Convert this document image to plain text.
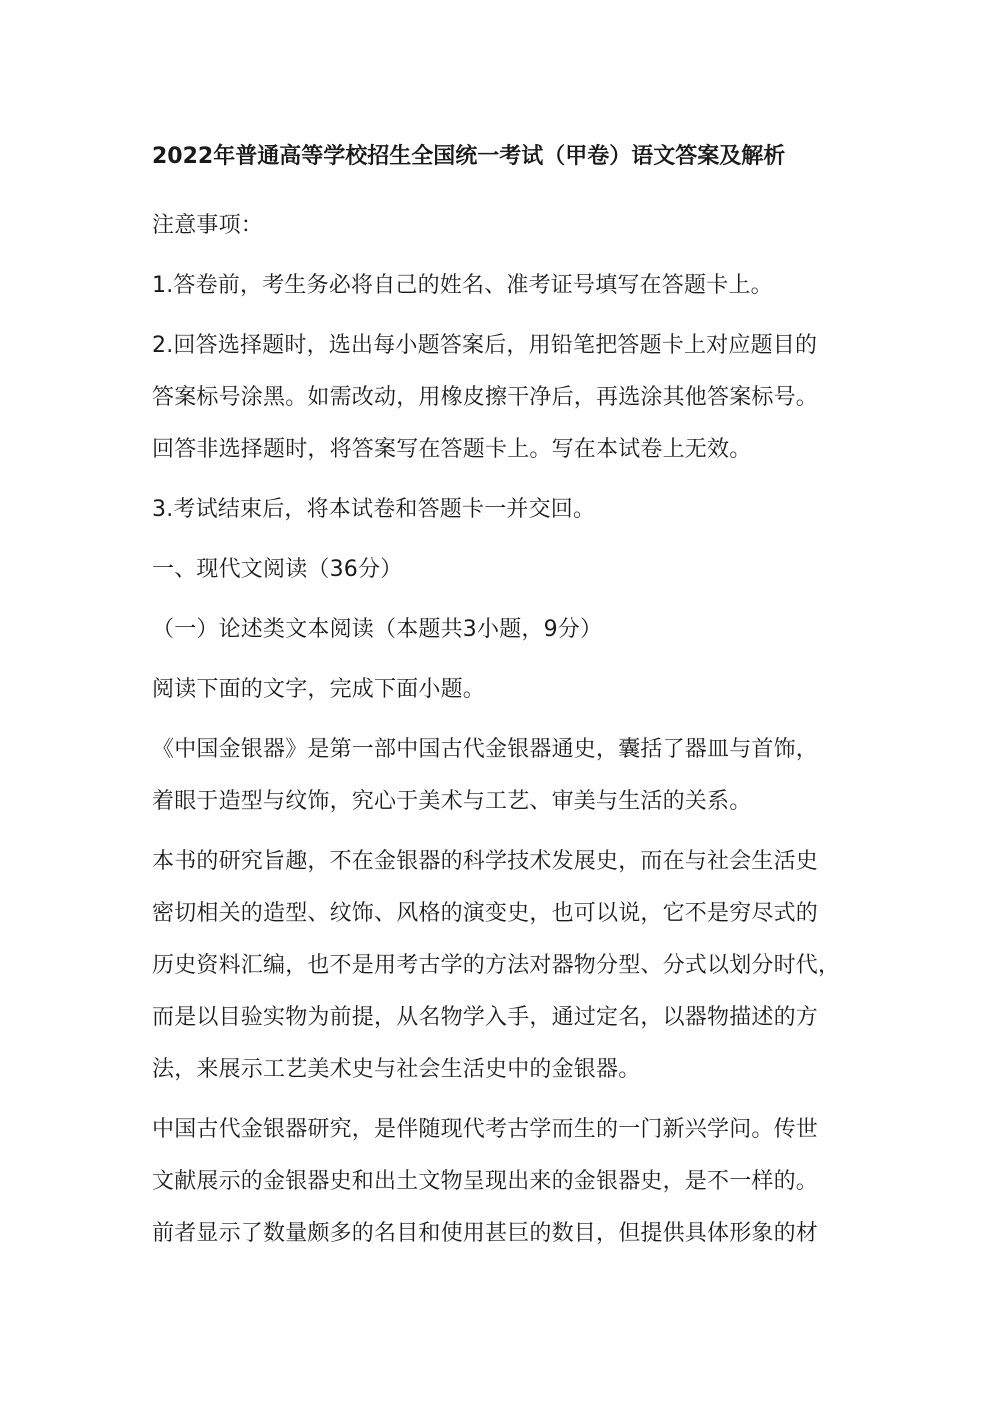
2022年普通高等学校招生全国统一考试（甲卷）语文答案及解析
注意事项：
1.答卷前，考生务必将自己的姓名、准考证号填写在答题卡上。
2.回答选择题时，选出每小题答案后，用铅笔把答题卡上对应题目的
答案标号涂黑。如需改动，用橡皮擦干净后，再选涂其他答案标号。
回答非选择题时，将答案写在答题卡上。写在本试卷上无效。
3.考试结束后，将本试卷和答题卡一并交回。
一、现代文阅读（36分）
（一）论述类文本阅读（本题共3小题，9分）
阅读下面的文字，完成下面小题。
《中国金银器》是第一部中国古代金银器通史，囊括了器皿与首饰，
着眼于造型与纹饰，究心于美术与工艺、审美与生活的关系。
本书的研究旨趣，不在金银器的科学技术发展史，而在与社会生活史
密切相关的造型、纹饰、风格的演变史，也可以说，它不是穷尽式的
历史资料汇编，也不是用考古学的方法对器物分型、分式以划分时代，
而是以目验实物为前提，从名物学入手，通过定名，以器物描述的方
法，来展示工艺美术史与社会生活史中的金银器。
中国古代金银器研究，是伴随现代考古学而生的一门新兴学问。传世
文献展示的金银器史和出土文物呈现出来的金银器史，是不一样的。
前者显示了数量颇多的名目和使用甚巨的数目，但提供具体形象的材
